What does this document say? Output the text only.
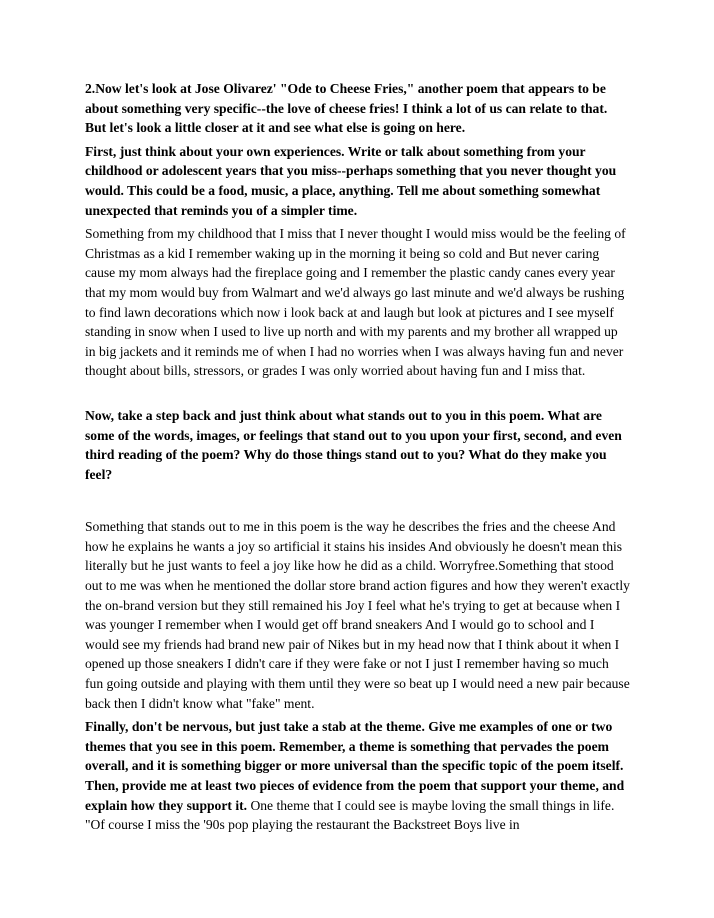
2.Now let's look at Jose Olivarez' "Ode to Cheese Fries," another poem that appears to be about something very specific--the love of cheese fries! I think a lot of us can relate to that. But let's look a little closer at it and see what else is going on here.

First, just think about your own experiences. Write or talk about something from your childhood or adolescent years that you miss--perhaps something that you never thought you would. This could be a food, music, a place, anything. Tell me about something somewhat unexpected that reminds you of a simpler time.

Something from my childhood that I miss that I never thought I would miss would be the feeling of Christmas as a kid I remember waking up in the morning it being so cold and But never caring cause my mom always had the fireplace going and I remember the plastic candy canes every year that my mom would buy from Walmart and we'd always go last minute and we'd always be rushing to find lawn decorations which now i look back at and laugh but look at pictures and I see myself standing in snow when I used to live up north and with my parents and my brother all wrapped up in big jackets and it reminds me of when I had no worries when I was always having fun and never thought about bills, stressors, or grades I was only worried about having fun and I miss that.

Now, take a step back and just think about what stands out to you in this poem. What are some of the words, images, or feelings that stand out to you upon your first, second, and even third reading of the poem? Why do those things stand out to you? What do they make you feel?

Something that stands out to me in this poem is the way he describes the fries and the cheese And how he explains he wants a joy so artificial it stains his insides And obviously he doesn't mean this literally but he just wants to feel a joy like how he did as a child. Worryfree.Something that stood out to me was when he mentioned the dollar store brand action figures and how they weren't exactly the on-brand version but they still remained his Joy I feel what he's trying to get at because when I was younger I remember when I would get off brand sneakers And I would go to school and I would see my friends had brand new pair of Nikes but in my head now that I think about it when I opened up those sneakers I didn't care if they were fake or not I just I remember having so much fun going outside and playing with them until they were so beat up I would need a new pair because back then I didn't know what "fake" ment.

Finally, don't be nervous, but just take a stab at the theme. Give me examples of one or two themes that you see in this poem. Remember, a theme is something that pervades the poem overall, and it is something bigger or more universal than the specific topic of the poem itself. Then, provide me at least two pieces of evidence from the poem that support your theme, and explain how they support it. One theme that I could see is maybe loving the small things in life. "Of course I miss the '90s pop playing the restaurant the Backstreet Boys live in
